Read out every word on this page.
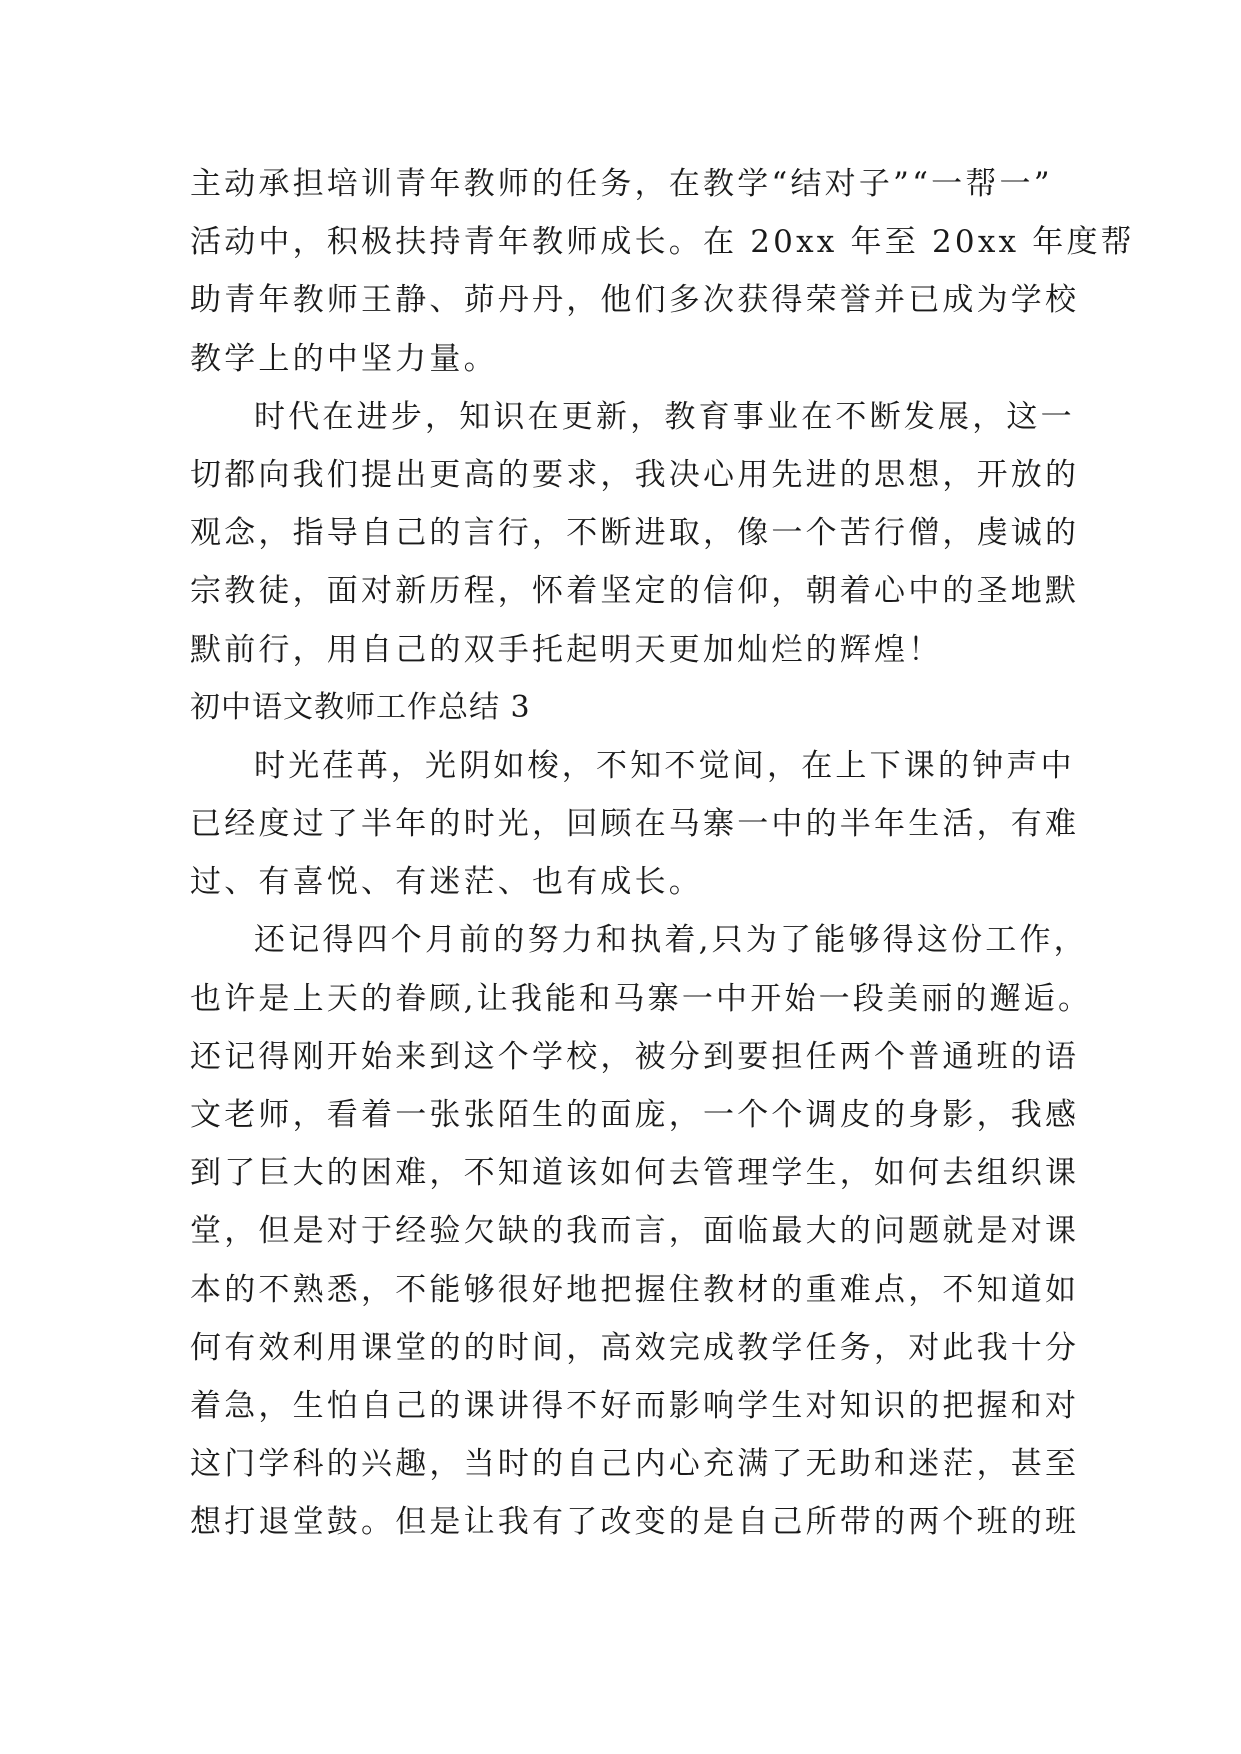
主动承担培训青年教师的任务，在教学“结对子”“一帮一”
活动中，积极扶持青年教师成长。在 20xx 年至 20xx 年度帮
助青年教师王静、茆丹丹，他们多次获得荣誉并已成为学校
教学上的中坚力量。
时代在进步，知识在更新，教育事业在不断发展，这一
切都向我们提出更高的要求，我决心用先进的思想，开放的
观念，指导自己的言行，不断进取，像一个苦行僧，虔诚的
宗教徒，面对新历程，怀着坚定的信仰，朝着心中的圣地默
默前行，用自己的双手托起明天更加灿烂的辉煌！
初中语文教师工作总结 3
时光荏苒，光阴如梭，不知不觉间，在上下课的钟声中
已经度过了半年的时光，回顾在马寨一中的半年生活，有难
过、有喜悦、有迷茫、也有成长。
还记得四个月前的努力和执着,只为了能够得这份工作，
也许是上天的眷顾,让我能和马寨一中开始一段美丽的邂逅。
还记得刚开始来到这个学校，被分到要担任两个普通班的语
文老师，看着一张张陌生的面庞，一个个调皮的身影，我感
到了巨大的困难，不知道该如何去管理学生，如何去组织课
堂，但是对于经验欠缺的我而言，面临最大的问题就是对课
本的不熟悉，不能够很好地把握住教材的重难点，不知道如
何有效利用课堂的的时间，高效完成教学任务，对此我十分
着急，生怕自己的课讲得不好而影响学生对知识的把握和对
这门学科的兴趣，当时的自己内心充满了无助和迷茫，甚至
想打退堂鼓。但是让我有了改变的是自己所带的两个班的班
